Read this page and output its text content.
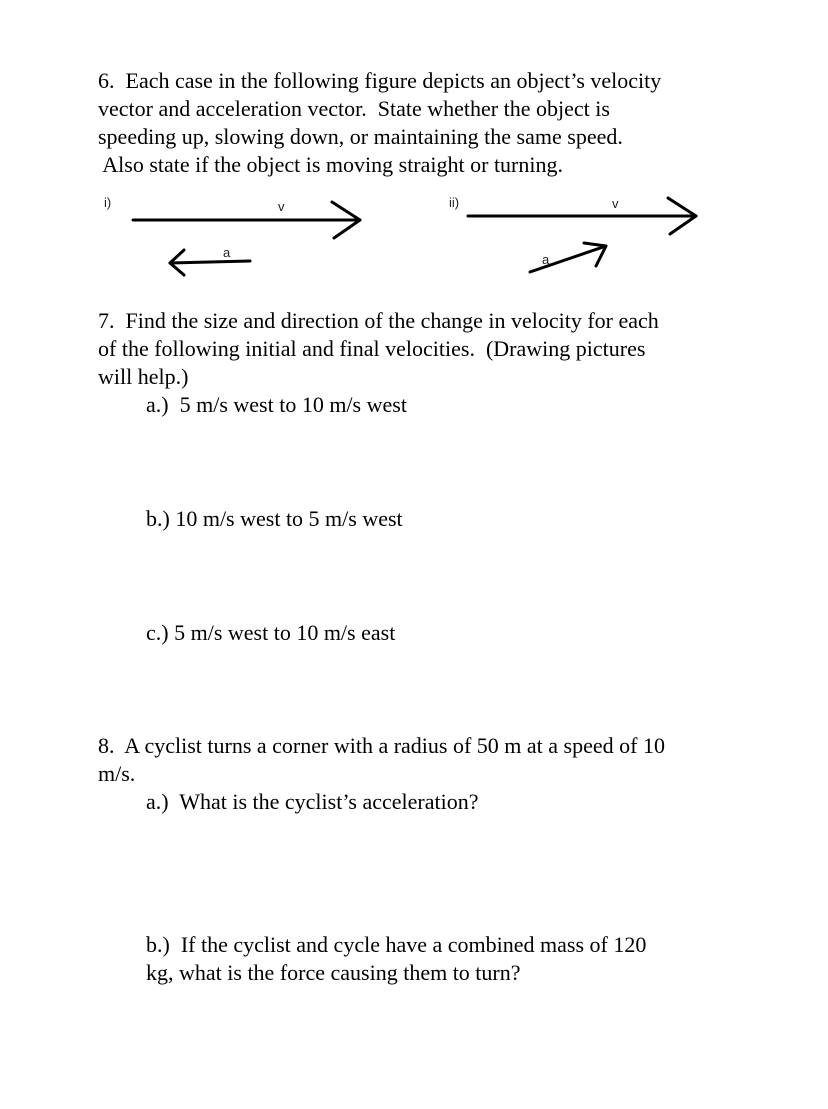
6.  Each case in the following figure depicts an object’s velocity
vector and acceleration vector.  State whether the object is
speeding up, slowing down, or maintaining the same speed.
Also state if the object is moving straight or turning.
i)	v
a
ii)	v
a
7.  Find the size and direction of the change in velocity for each
of the following initial and final velocities.  (Drawing pictures
will help.)
a.)  5 m/s west to 10 m/s west
b.) 10 m/s west to 5 m/s west
c.) 5 m/s west to 10 m/s east
8.  A cyclist turns a corner with a radius of 50 m at a speed of 10
m/s.
a.)  What is the cyclist’s acceleration?
b.)  If the cyclist and cycle have a combined mass of 120
kg, what is the force causing them to turn?
